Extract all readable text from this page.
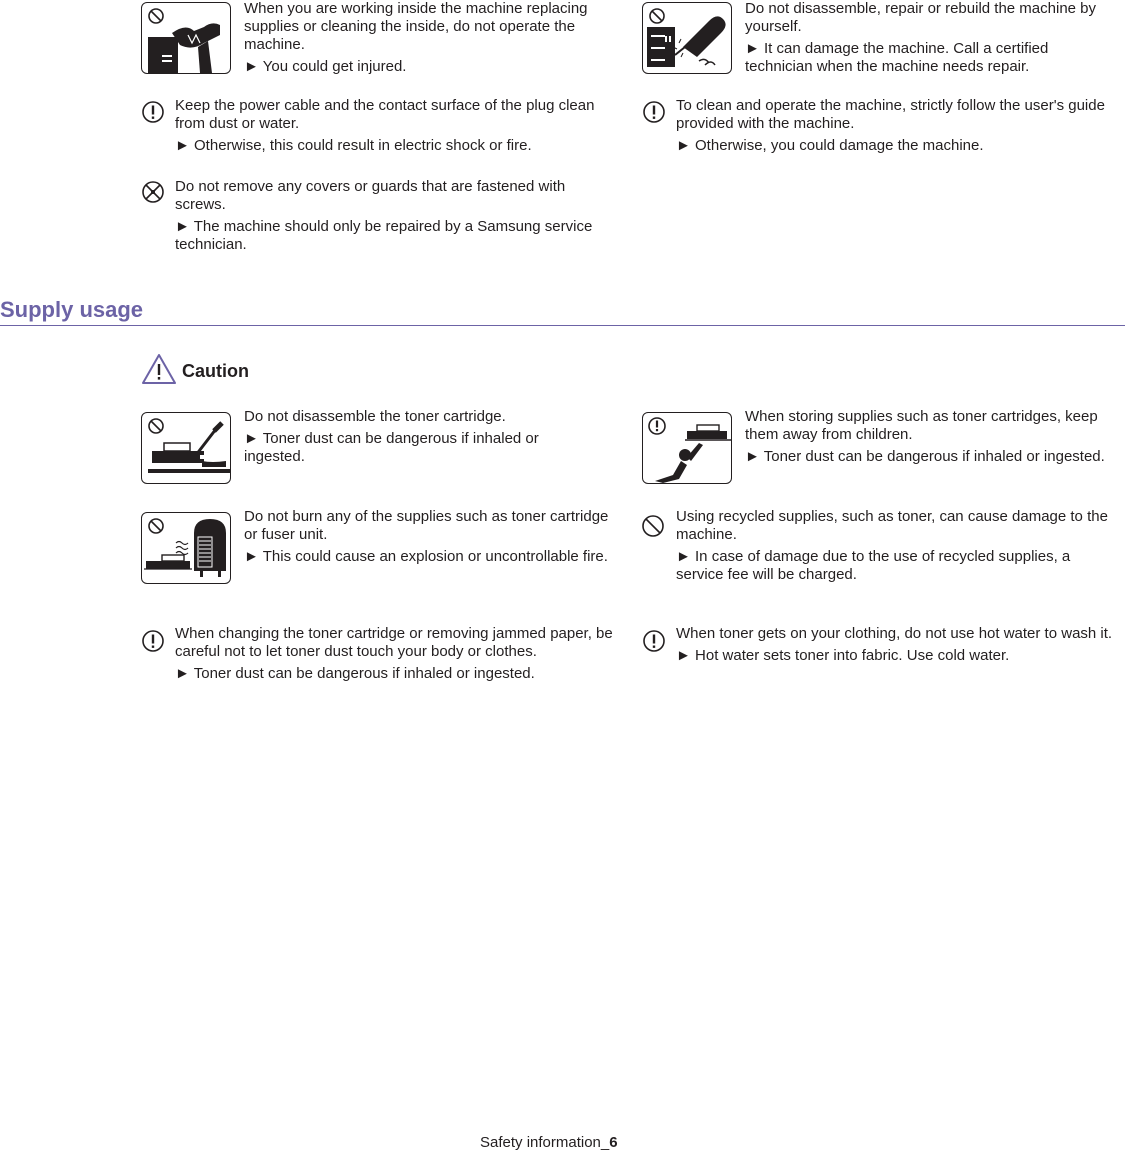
When you are working inside the machine replacing supplies or cleaning the inside, do not operate the machine.

► You could get injured.

Do not disassemble, repair or rebuild the machine by yourself.

► It can damage the machine. Call a certified technician when the machine needs repair.

Keep the power cable and the contact surface of the plug clean from dust or water.

► Otherwise, this could result in electric shock or fire.

To clean and operate the machine, strictly follow the user's guide provided with the machine.

► Otherwise, you could damage the machine.

Do not remove any covers or guards that are fastened with screws.

► The machine should only be repaired by a Samsung service technician.

Supply usage
Caution

Do not disassemble the toner cartridge.

► Toner dust can be dangerous if inhaled or ingested.

When storing supplies such as toner cartridges, keep them away from children.

► Toner dust can be dangerous if inhaled or ingested.

Do not burn any of the supplies such as toner cartridge or fuser unit.

► This could cause an explosion or uncontrollable fire.

Using recycled supplies, such as toner, can cause damage to the machine.

► In case of damage due to the use of recycled supplies, a service fee will be charged.

When changing the toner cartridge or removing jammed paper, be careful not to let toner dust touch your body or clothes.

► Toner dust can be dangerous if inhaled or ingested.

When toner gets on your clothing, do not use hot water to wash it.

► Hot water sets toner into fabric. Use cold water.

Safety information_6
